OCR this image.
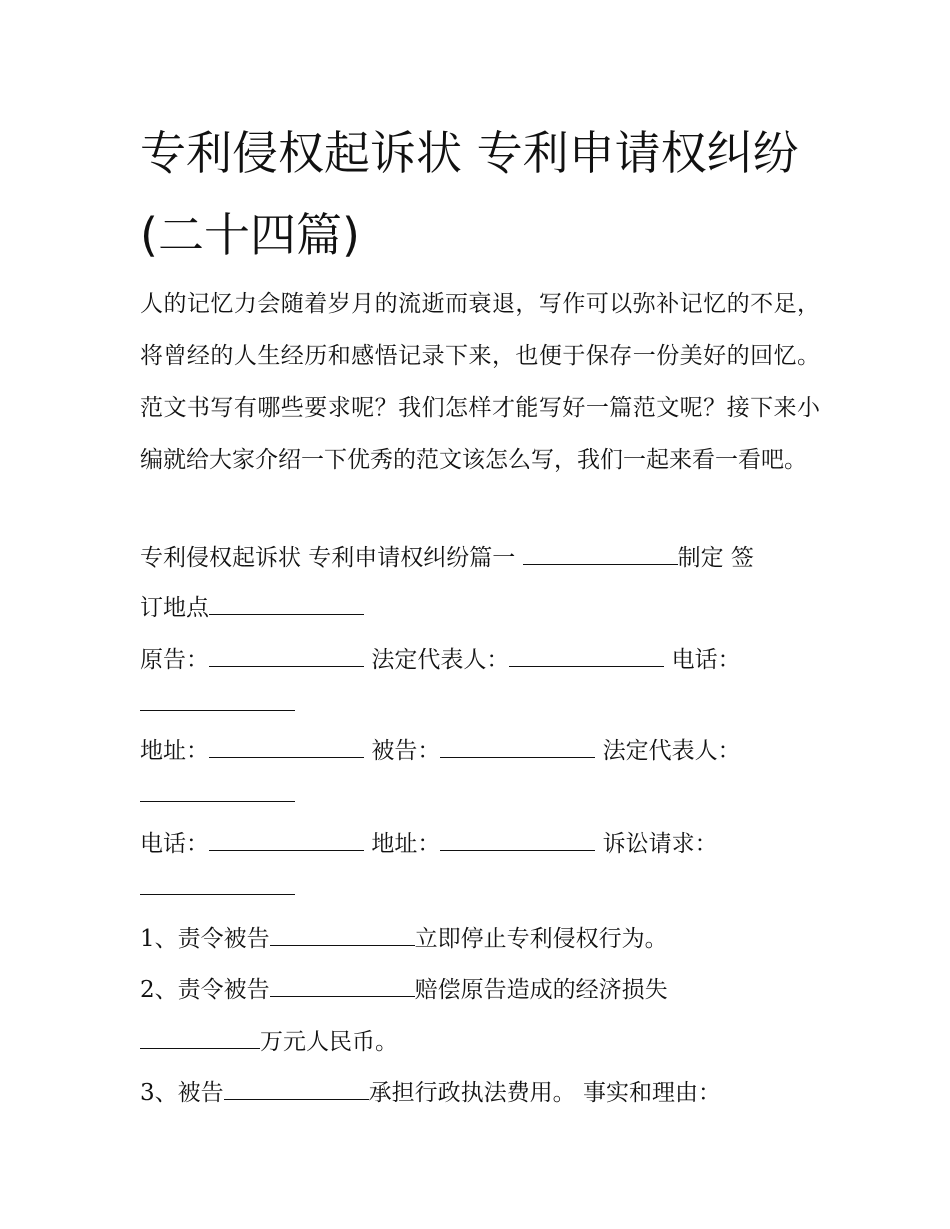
专利侵权起诉状 专利申请权纠纷(二十四篇)

人的记忆力会随着岁月的流逝而衰退，写作可以弥补记忆的不足，将曾经的人生经历和感悟记录下来，也便于保存一份美好的回忆。范文书写有哪些要求呢？我们怎样才能写好一篇范文呢？接下来小编就给大家介绍一下优秀的范文该怎么写，我们一起来看一看吧。

专利侵权起诉状 专利申请权纠纷篇一	制定 签
订地点
原告：	法定代表人：	电话：
地址：	被告：	法定代表人：
电话：	地址：	诉讼请求：
1、责令被告	立即停止专利侵权行为。
2、责令被告	赔偿原告造成的经济损失
万元人民币。
3、被告	承担行政执法费用。 事实和理由：
